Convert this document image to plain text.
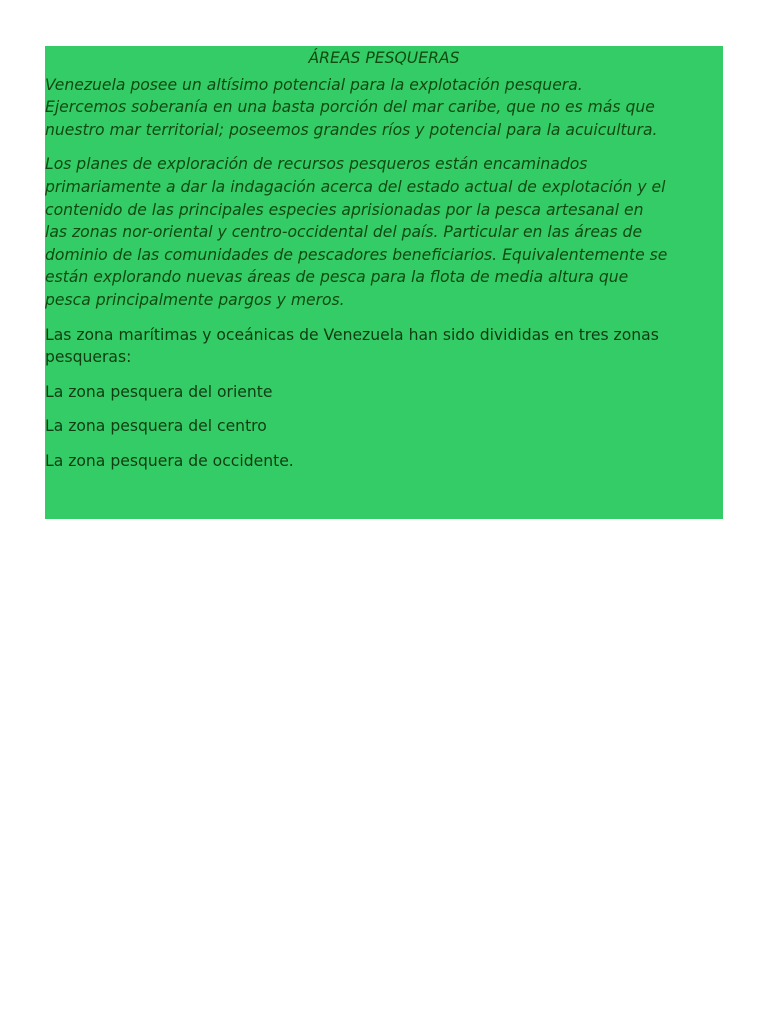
ÁREAS PESQUERAS
Venezuela posee un altísimo potencial para la explotación pesquera.
Ejercemos soberanía en una basta porción del mar caribe, que no es más que
nuestro mar territorial; poseemos grandes ríos y potencial para la acuicultura.
Los planes de exploración de recursos pesqueros están encaminados
primariamente a dar la indagación acerca del estado actual de explotación y el
contenido de las principales especies aprisionadas por la pesca artesanal en
las zonas nor-oriental y centro-occidental del país. Particular en las áreas de
dominio de las comunidades de pescadores beneficiarios. Equivalentemente se
están explorando nuevas áreas de pesca para la flota de media altura que
pesca principalmente pargos y meros.
Las zona marítimas y oceánicas de Venezuela han sido divididas en tres zonas
pesqueras:
La zona pesquera del oriente
La zona pesquera del centro
La zona pesquera de occidente.
